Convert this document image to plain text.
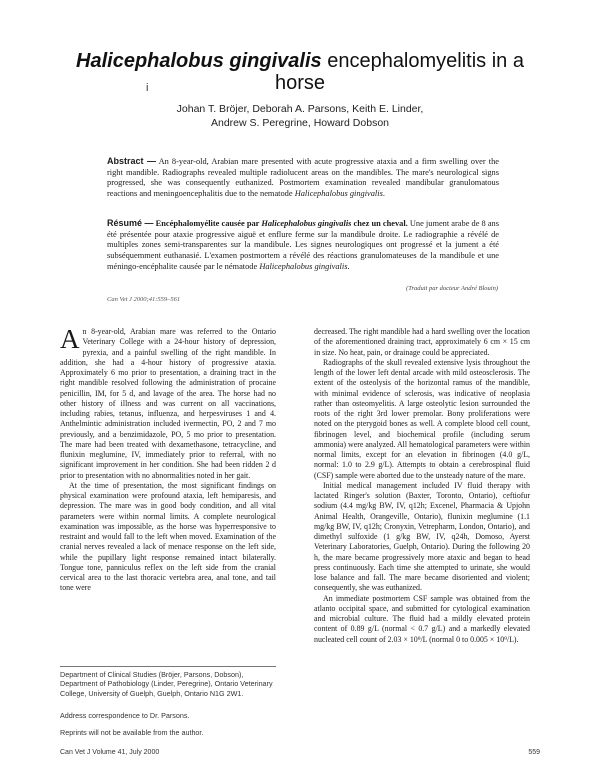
Halicephalobus gingivalis encephalomyelitis in a horse
i
Johan T. Bröjer, Deborah A. Parsons, Keith E. Linder,
Andrew S. Peregrine, Howard Dobson
Abstract — An 8-year-old, Arabian mare presented with acute progressive ataxia and a firm swelling over the right mandible. Radiographs revealed multiple radiolucent areas on the mandibles. The mare's neurological signs progressed, she was consequently euthanized. Postmortem examination revealed mandibular granulomatous reactions and meningoencephalitis due to the nematode Halicephalobus gingivalis.
Résumé — Encéphalomyélite causée par Halicephalobus gingivalis chez un cheval. Une jument arabe de 8 ans été présentée pour ataxie progressive aiguë et enflure ferme sur la mandibule droite. Le radiographie a révélé de multiples zones semi-transparentes sur la mandibule. Les signes neurologiques ont progressé et la jument a été subséquemment euthanasié. L'examen postmortem a révélé des réactions granulomateuses de la mandibule et une méningo-encéphalite causée par le nématode Halicephalobus gingivalis.
(Traduit par docteur André Blouin)
Can Vet J 2000;41:559–561

An 8-year-old, Arabian mare was referred to the Ontario Veterinary College with a 24-hour history of depression, pyrexia, and a painful swelling of the right mandible. In addition, she had a 4-hour history of progressive ataxia. Approximately 6 mo prior to presentation, a draining tract in the right mandible resolved following the administration of procaine penicillin, IM, for 5 d, and lavage of the area. The horse had no other history of illness and was current on all vaccinations, including rabies, tetanus, influenza, and herpesviruses 1 and 4. Anthelmintic administration included ivermectin, PO, 2 and 7 mo previously, and a benzimidazole, PO, 5 mo prior to presentation. The mare had been treated with dexamethasone, tetracycline, and flunixin meglumine, IV, immediately prior to referral, with no significant improvement in her condition. She had been ridden 2 d prior to presentation with no abnormalities noted in her gait.

At the time of presentation, the most significant findings on physical examination were profound ataxia, left hemiparesis, and depression. The mare was in good body condition, and all vital parameters were within normal limits. A complete neurological examination was impossible, as the horse was hyperresponsive to restraint and would fall to the left when moved. Examination of the cranial nerves revealed a lack of menace response on the left side, while the pupillary light response remained intact bilaterally. Tongue tone, panniculus reflex on the left side from the cranial cervical area to the last thoracic vertebra area, anal tone, and tail tone were

decreased. The right mandible had a hard swelling over the location of the aforementioned draining tract, approximately 6 cm × 15 cm in size. No heat, pain, or drainage could be appreciated.

Radiographs of the skull revealed extensive lysis throughout the length of the lower left dental arcade with mild osteosclerosis. The extent of the osteolysis of the horizontal ramus of the mandible, with minimal evidence of sclerosis, was indicative of neoplasia rather than osteomyelitis. A large osteolytic lesion surrounded the roots of the right 3rd lower premolar. Bony proliferations were noted on the pterygoid bones as well. A complete blood cell count, fibrinogen level, and biochemical profile (including serum ammonia) were analyzed. All hematological parameters were within normal limits, except for an elevation in fibrinogen (4.0 g/L, normal: 1.0 to 2.9 g/L). Attempts to obtain a cerebrospinal fluid (CSF) sample were aborted due to the unsteady nature of the mare.

Initial medical management included IV fluid therapy with lactated Ringer's solution (Baxter, Toronto, Ontario), ceftiofur sodium (4.4 mg/kg BW, IV, q12h; Excenel, Pharmacia & Upjohn Animal Health, Orangeville, Ontario), flunixin meglumine (1.1 mg/kg BW, IV, q12h; Cronyxin, Vetrepharm, London, Ontario), and dimethyl sulfoxide (1 g/kg BW, IV, q24h, Domoso, Ayerst Veterinary Laboratories, Guelph, Ontario). During the following 20 h, the mare became progressively more ataxic and began to head press continuously. Each time she attempted to urinate, she would lose balance and fall. The mare became disoriented and violent; consequently, she was euthanized.

An immediate postmortem CSF sample was obtained from the atlanto occipital space, and submitted for cytological examination and microbial culture. The fluid had a mildly elevated protein content of 0.89 g/L (normal < 0.7 g/L) and a markedly elevated nucleated cell count of 2.03 × 10⁹/L (normal 0 to 0.005 × 10⁹/L).

Department of Clinical Studies (Bröjer, Parsons, Dobson), Department of Pathobiology (Linder, Peregrine), Ontario Veterinary College, University of Guelph, Guelph, Ontario N1G 2W1.
Address correspondence to Dr. Parsons.
Reprints will not be available from the author.
Can Vet J Volume 41, July 2000	559
